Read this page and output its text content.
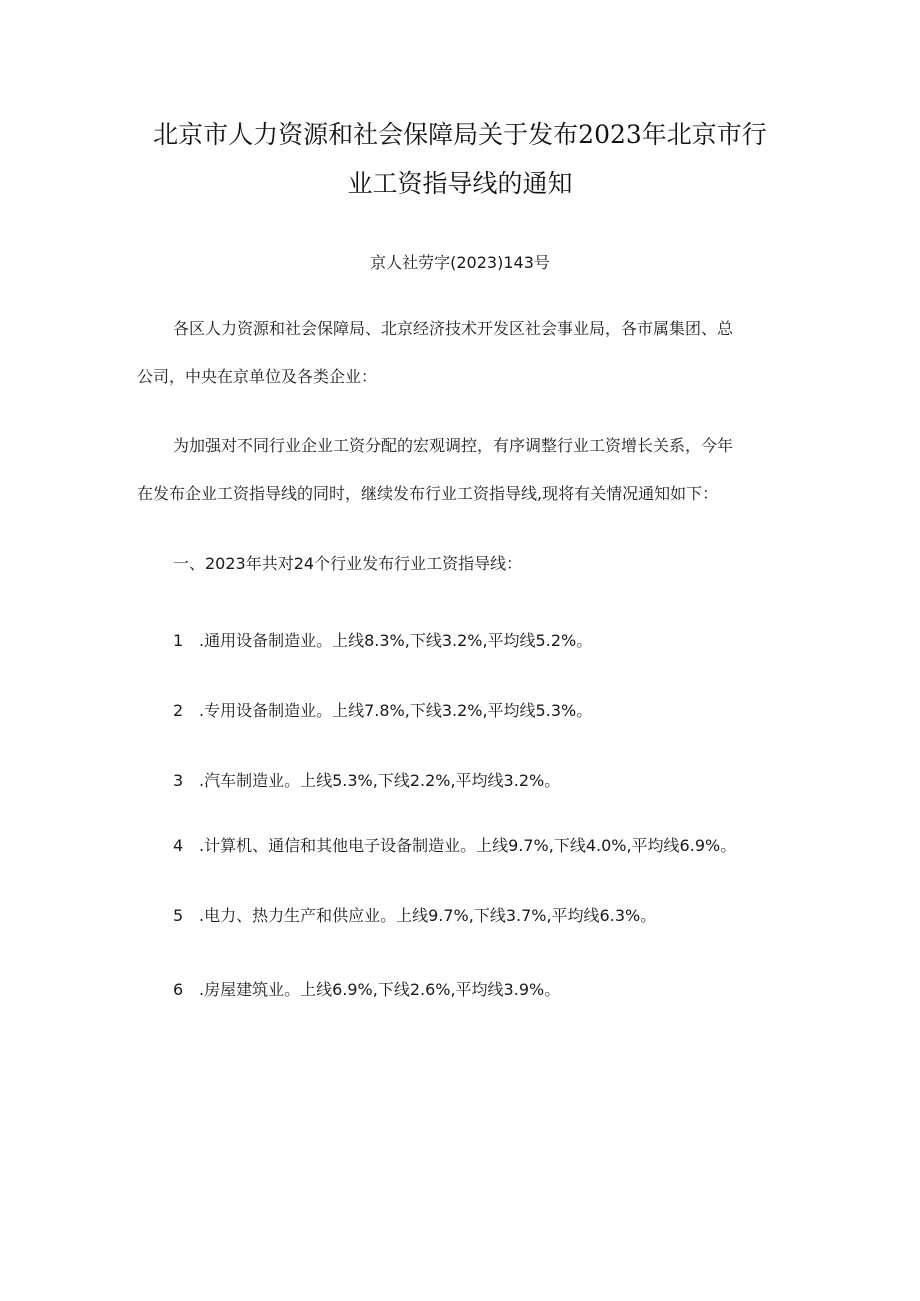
北京市人力资源和社会保障局关于发布2023年北京市行
业工资指导线的通知
京人社劳字(2023)143号
各区人力资源和社会保障局、北京经济技术开发区社会事业局，各市属集团、总
公司，中央在京单位及各类企业：
为加强对不同行业企业工资分配的宏观调控，有序调整行业工资增长关系，今年
在发布企业工资指导线的同时，继续发布行业工资指导线,现将有关情况通知如下：
一、2023年共对24个行业发布行业工资指导线：
1 .通用设备制造业。上线8.3%,下线3.2%,平均线5.2%。
2 .专用设备制造业。上线7.8%,下线3.2%,平均线5.3%。
3 .汽车制造业。上线5.3%,下线2.2%,平均线3.2%。
4 .计算机、通信和其他电子设备制造业。上线9.7%,下线4.0%,平均线6.9%。
5 .电力、热力生产和供应业。上线9.7%,下线3.7%,平均线6.3%。
6 .房屋建筑业。上线6.9%,下线2.6%,平均线3.9%。
